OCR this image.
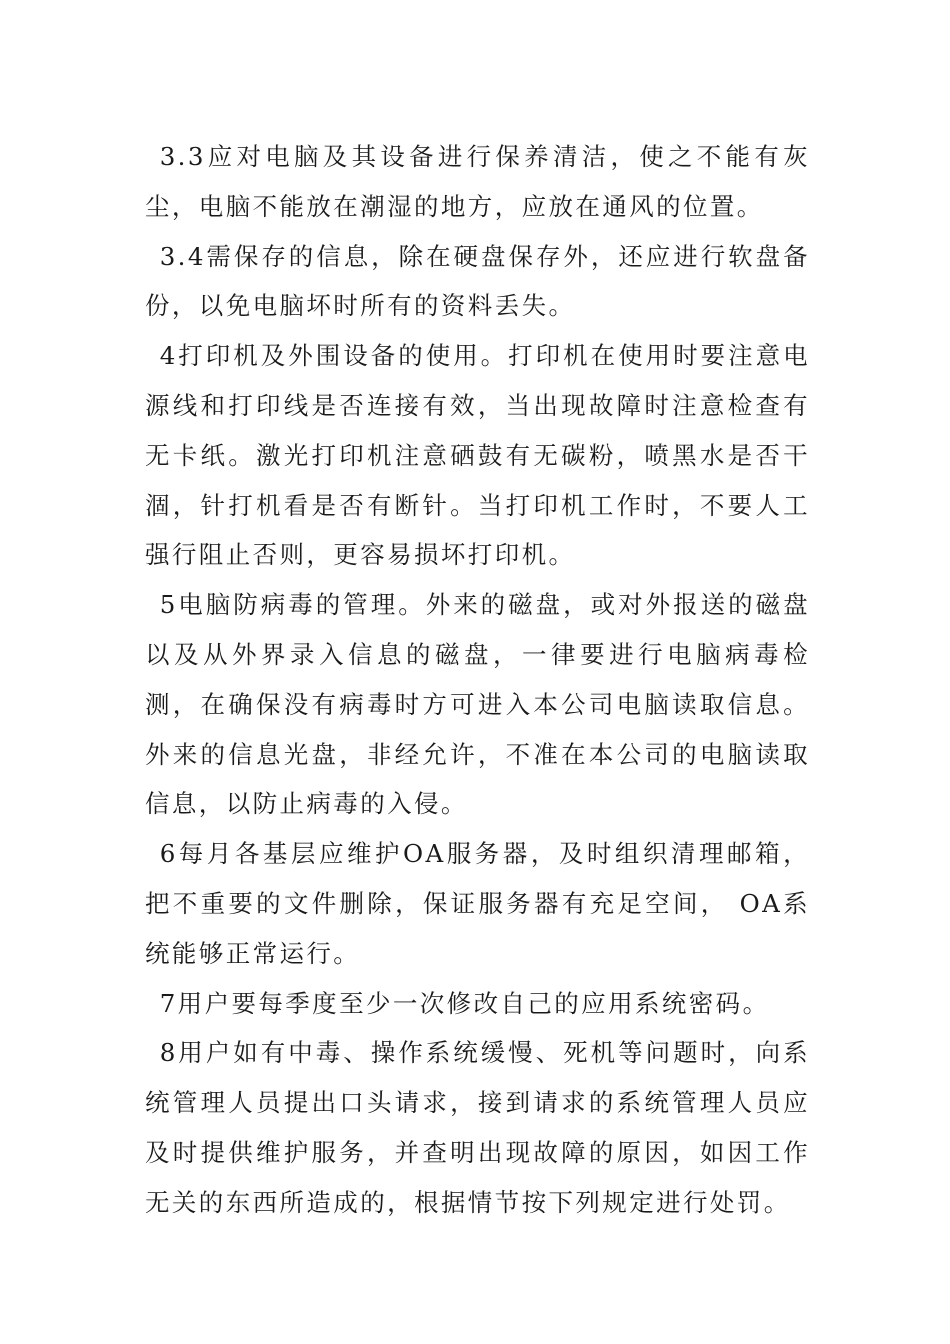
3.3应对电脑及其设备进行保养清洁，使之不能有灰尘，电脑不能放在潮湿的地方，应放在通风的位置。

3.4需保存的信息，除在硬盘保存外，还应进行软盘备份，以免电脑坏时所有的资料丢失。

4打印机及外围设备的使用。打印机在使用时要注意电源线和打印线是否连接有效，当出现故障时注意检查有无卡纸。激光打印机注意硒鼓有无碳粉，喷黑水是否干涸，针打机看是否有断针。当打印机工作时，不要人工强行阻止否则，更容易损坏打印机。

5电脑防病毒的管理。外来的磁盘，或对外报送的磁盘以及从外界录入信息的磁盘，一律要进行电脑病毒检测，在确保没有病毒时方可进入本公司电脑读取信息。外来的信息光盘，非经允许，不准在本公司的电脑读取信息，以防止病毒的入侵。

6每月各基层应维护OA服务器，及时组织清理邮箱，把不重要的文件删除，保证服务器有充足空间， OA系统能够正常运行。

7用户要每季度至少一次修改自己的应用系统密码。

8用户如有中毒、操作系统缓慢、死机等问题时，向系统管理人员提出口头请求，接到请求的系统管理人员应及时提供维护服务，并查明出现故障的原因，如因工作无关的东西所造成的，根据情节按下列规定进行处罚。
